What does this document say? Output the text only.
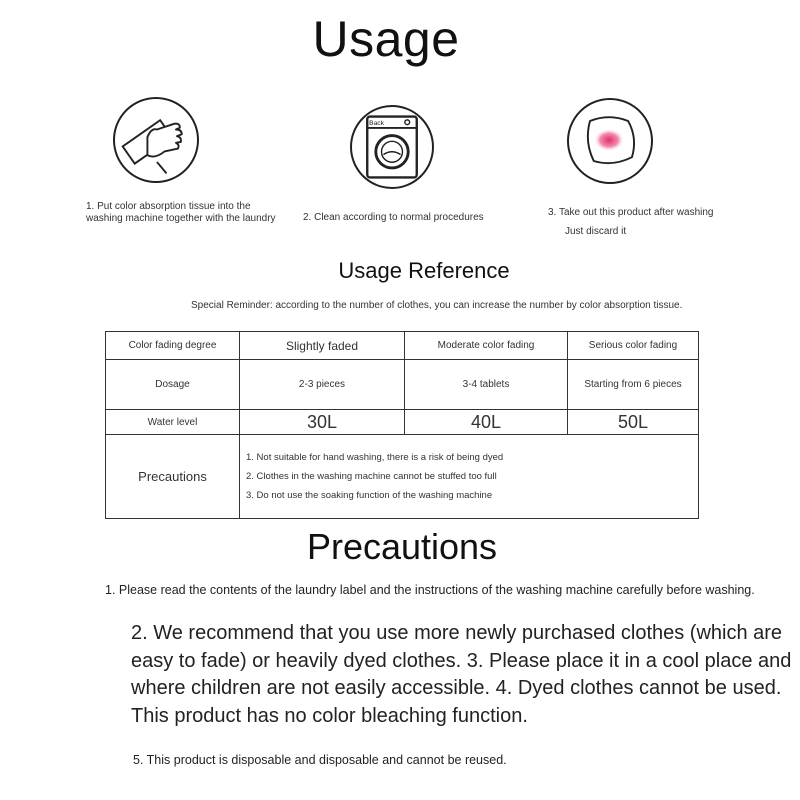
Usage
1. Put color absorption tissue into the washing machine together with the laundry
Back
2. Clean according to normal procedures	3. Take out this product after washing
Just discard it
Usage Reference
Special Reminder: according to the number of clothes, you can increase the number by color absorption tissue.
Color fading degree	Slightly faded	Moderate color fading	Serious color fading
Dosage	2-3 pieces	3-4 tablets	Starting from 6 pieces
Water level	30L	40L	50L
Precautions	1. Not suitable for hand washing, there is a risk of being dyed
2. Clothes in the washing machine cannot be stuffed too full
3. Do not use the soaking function of the washing machine		
Precautions

1. Please read the contents of the laundry label and the instructions of the washing machine carefully before washing.

2. We recommend that you use more newly purchased clothes (which are easy to fade) or heavily dyed clothes. 3. Please place it in a cool place and where children are not easily accessible. 4. Dyed clothes cannot be used. This product has no color bleaching function.

5. This product is disposable and disposable and cannot be reused.
